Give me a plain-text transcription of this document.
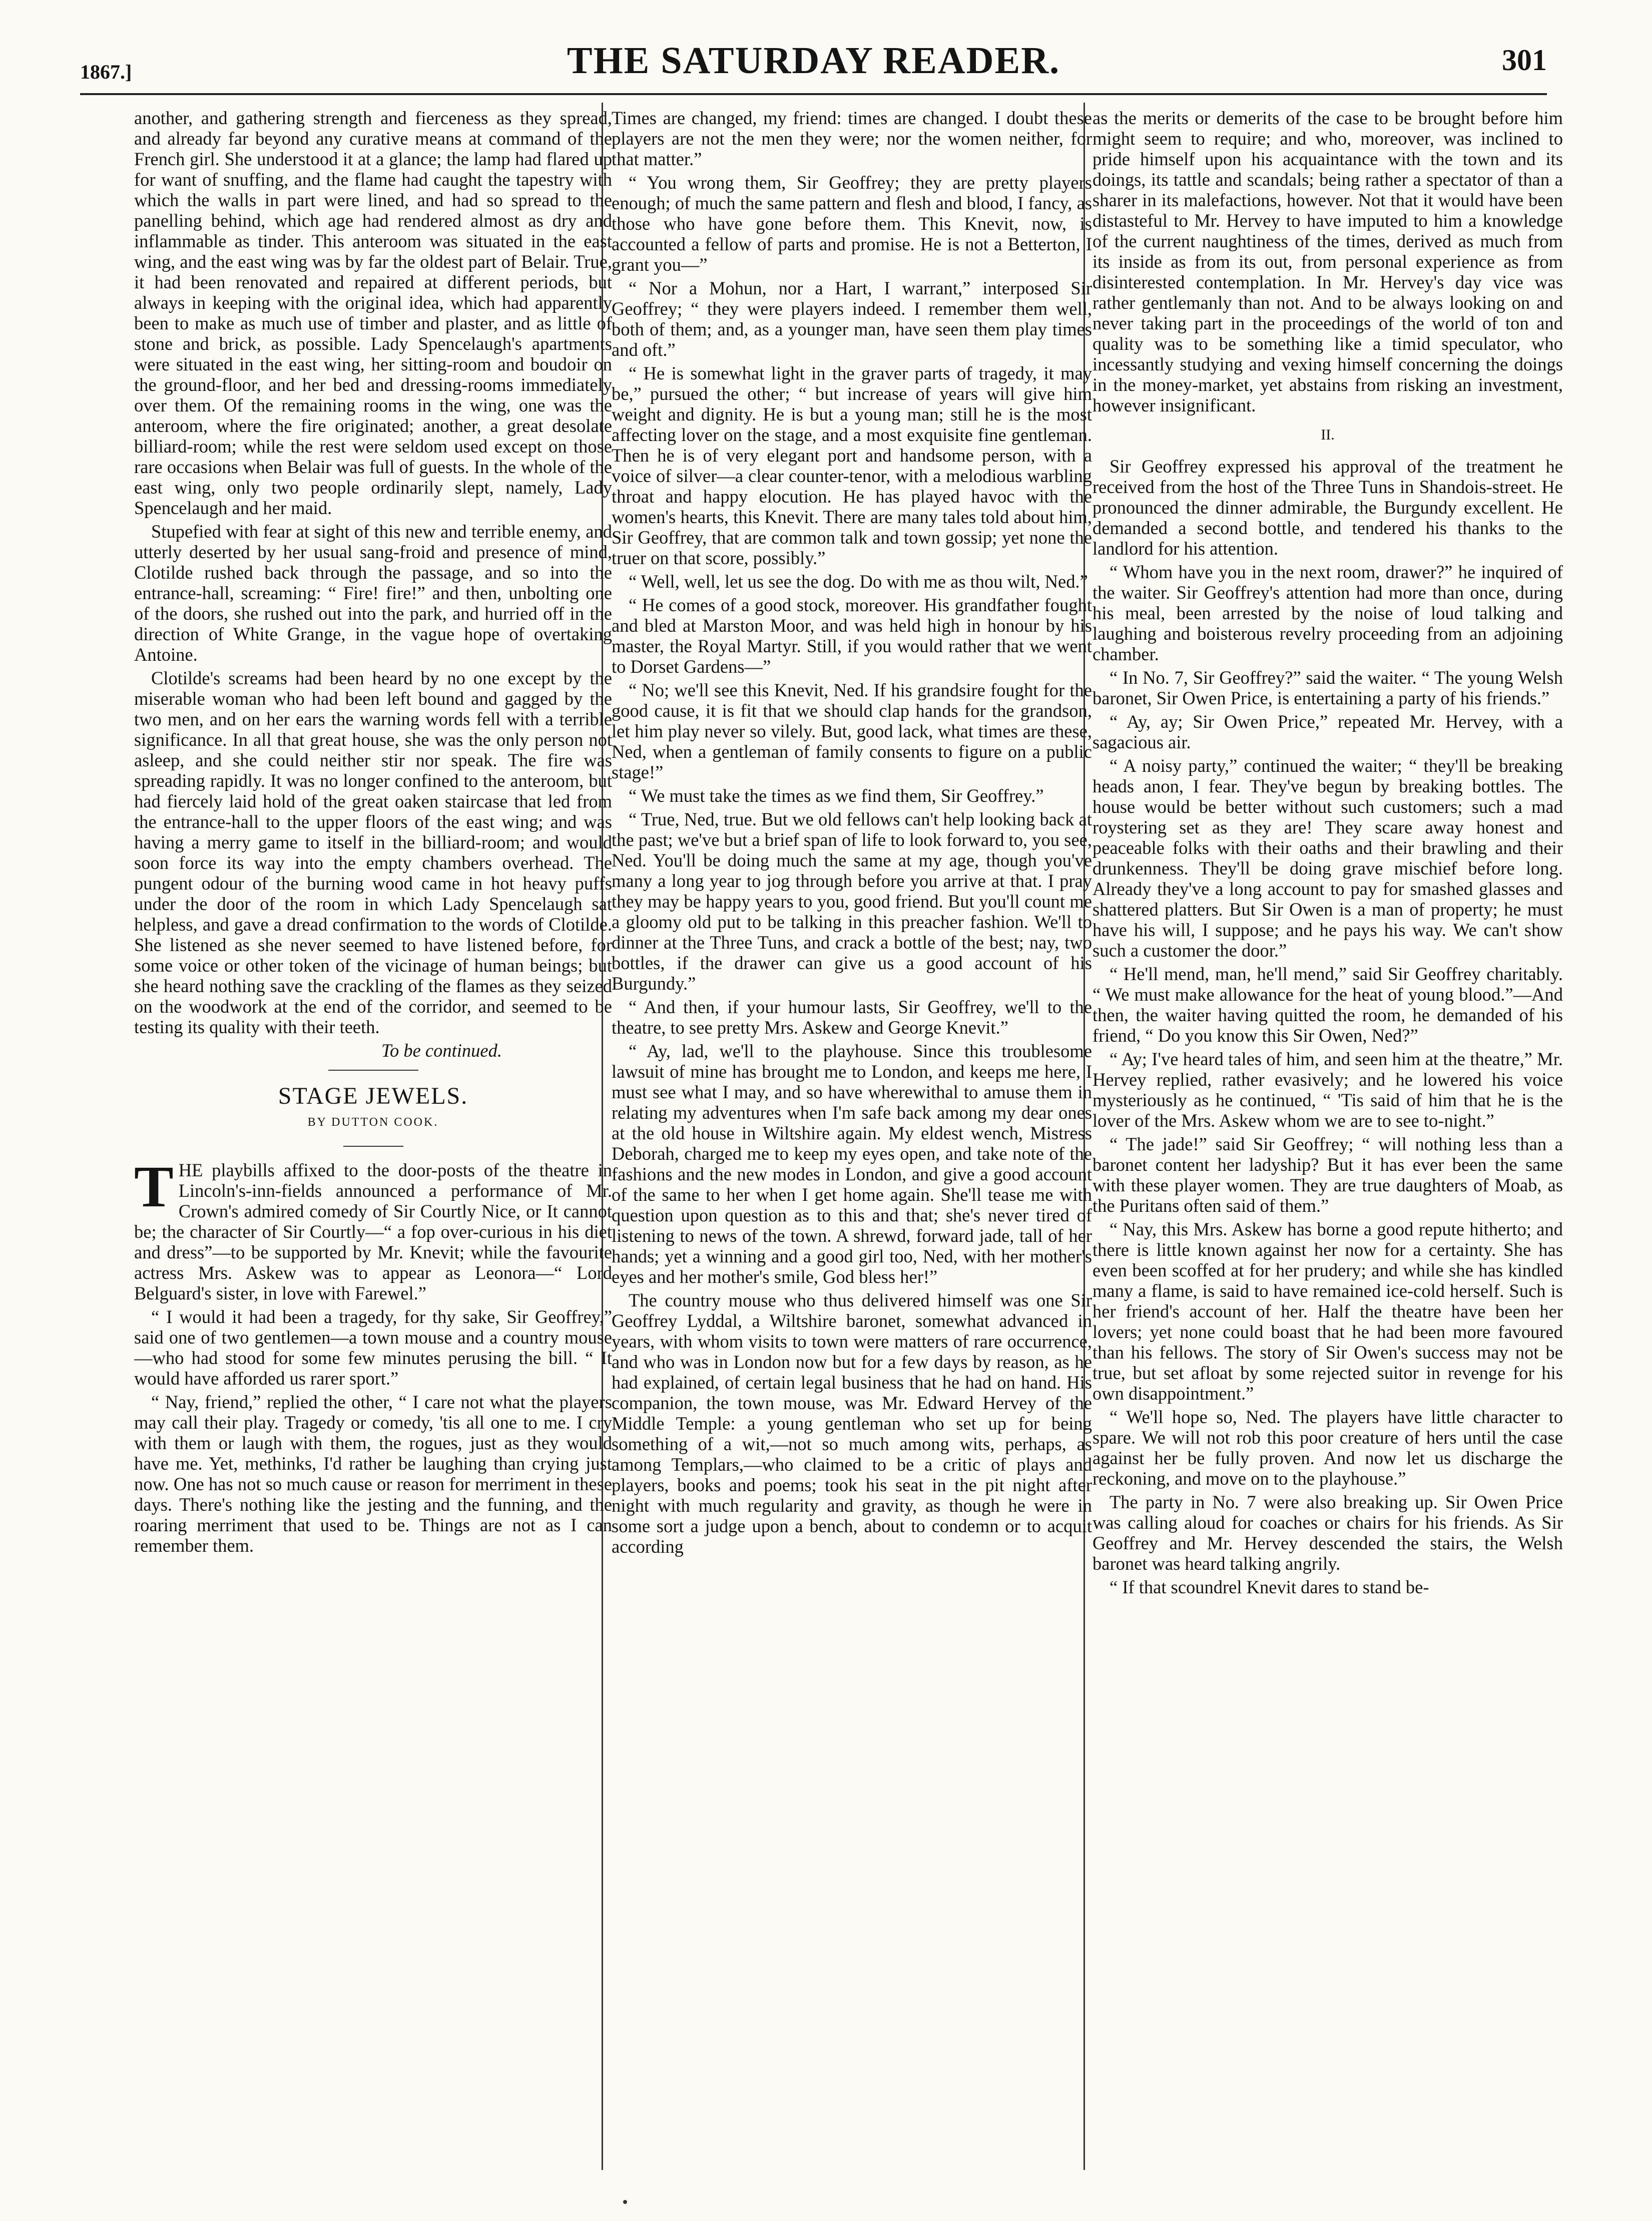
1867.]	THE SATURDAY READER.	301

another, and gathering strength and fierceness as they spread, and already far beyond any curative means at command of the French girl. She understood it at a glance; the lamp had flared up for want of snuffing, and the flame had caught the tapestry with which the walls in part were lined, and had so spread to the panelling behind, which age had rendered almost as dry and inflammable as tinder. This anteroom was situated in the east wing, and the east wing was by far the oldest part of Belair. True, it had been renovated and repaired at different periods, but always in keeping with the original idea, which had apparently been to make as much use of timber and plaster, and as little of stone and brick, as possible. Lady Spencelaugh's apartments were situated in the east wing, her sitting-room and boudoir on the ground-floor, and her bed and dressing-rooms immediately over them. Of the remaining rooms in the wing, one was the anteroom, where the fire originated; another, a great desolate billiard-room; while the rest were seldom used except on those rare occasions when Belair was full of guests. In the whole of the east wing, only two people ordinarily slept, namely, Lady Spencelaugh and her maid.

Stupefied with fear at sight of this new and terrible enemy, and utterly deserted by her usual sang-froid and presence of mind, Clotilde rushed back through the passage, and so into the entrance-hall, screaming: “ Fire! fire!” and then, unbolting one of the doors, she rushed out into the park, and hurried off in the direction of White Grange, in the vague hope of overtaking Antoine.

Clotilde's screams had been heard by no one except by the miserable woman who had been left bound and gagged by the two men, and on her ears the warning words fell with a terrible significance. In all that great house, she was the only person not asleep, and she could neither stir nor speak. The fire was spreading rapidly. It was no longer confined to the anteroom, but had fiercely laid hold of the great oaken staircase that led from the entrance-hall to the upper floors of the east wing; and was having a merry game to itself in the billiard-room; and would soon force its way into the empty chambers overhead. The pungent odour of the burning wood came in hot heavy puffs under the door of the room in which Lady Spencelaugh sat helpless, and gave a dread confirmation to the words of Clotilde. She listened as she never seemed to have listened before, for some voice or other token of the vicinage of human beings; but she heard nothing save the crackling of the flames as they seized on the woodwork at the end of the corridor, and seemed to be testing its quality with their teeth.

To be continued.
STAGE JEWELS.
BY DUTTON COOK.

THE playbills affixed to the door-posts of the theatre in Lincoln's-inn-fields announced a performance of Mr. Crown's admired comedy of Sir Courtly Nice, or It cannot be; the character of Sir Courtly—“ a fop over-curious in his diet and dress”—to be supported by Mr. Knevit; while the favourite actress Mrs. Askew was to appear as Leonora—“ Lord Belguard's sister, in love with Farewel.”

“ I would it had been a tragedy, for thy sake, Sir Geoffrey,” said one of two gentlemen—a town mouse and a country mouse—who had stood for some few minutes perusing the bill. “ It would have afforded us rarer sport.”

“ Nay, friend,” replied the other, “ I care not what the players may call their play. Tragedy or comedy, 'tis all one to me. I cry with them or laugh with them, the rogues, just as they would have me. Yet, methinks, I'd rather be laughing than crying just now. One has not so much cause or reason for merriment in these days. There's nothing like the jesting and the funning, and the roaring merriment that used to be. Things are not as I can remember them.

Times are changed, my friend: times are changed. I doubt these players are not the men they were; nor the women neither, for that matter.”

“ You wrong them, Sir Geoffrey; they are pretty players enough; of much the same pattern and flesh and blood, I fancy, as those who have gone before them. This Knevit, now, is accounted a fellow of parts and promise. He is not a Betterton, I grant you—”

“ Nor a Mohun, nor a Hart, I warrant,” interposed Sir Geoffrey; “ they were players indeed. I remember them well, both of them; and, as a younger man, have seen them play times and oft.”

“ He is somewhat light in the graver parts of tragedy, it may be,” pursued the other; “ but increase of years will give him weight and dignity. He is but a young man; still he is the most affecting lover on the stage, and a most exquisite fine gentleman. Then he is of very elegant port and handsome person, with a voice of silver—a clear counter-tenor, with a melodious warbling throat and happy elocution. He has played havoc with the women's hearts, this Knevit. There are many tales told about him, Sir Geoffrey, that are common talk and town gossip; yet none the truer on that score, possibly.”

“ Well, well, let us see the dog. Do with me as thou wilt, Ned.”

“ He comes of a good stock, moreover. His grandfather fought and bled at Marston Moor, and was held high in honour by his master, the Royal Martyr. Still, if you would rather that we went to Dorset Gardens—”

“ No; we'll see this Knevit, Ned. If his grandsire fought for the good cause, it is fit that we should clap hands for the grandson, let him play never so vilely. But, good lack, what times are these, Ned, when a gentleman of family consents to figure on a public stage!”

“ We must take the times as we find them, Sir Geoffrey.”

“ True, Ned, true. But we old fellows can't help looking back at the past; we've but a brief span of life to look forward to, you see, Ned. You'll be doing much the same at my age, though you've many a long year to jog through before you arrive at that. I pray they may be happy years to you, good friend. But you'll count me a gloomy old put to be talking in this preacher fashion. We'll to dinner at the Three Tuns, and crack a bottle of the best; nay, two bottles, if the drawer can give us a good account of his Burgundy.”

“ And then, if your humour lasts, Sir Geoffrey, we'll to the theatre, to see pretty Mrs. Askew and George Knevit.”

“ Ay, lad, we'll to the playhouse. Since this troublesome lawsuit of mine has brought me to London, and keeps me here, I must see what I may, and so have wherewithal to amuse them in relating my adventures when I'm safe back among my dear ones at the old house in Wiltshire again. My eldest wench, Mistress Deborah, charged me to keep my eyes open, and take note of the fashions and the new modes in London, and give a good account of the same to her when I get home again. She'll tease me with question upon question as to this and that; she's never tired of listening to news of the town. A shrewd, forward jade, tall of her hands; yet a winning and a good girl too, Ned, with her mother's eyes and her mother's smile, God bless her!”

The country mouse who thus delivered himself was one Sir Geoffrey Lyddal, a Wiltshire baronet, somewhat advanced in years, with whom visits to town were matters of rare occurrence, and who was in London now but for a few days by reason, as he had explained, of certain legal business that he had on hand. His companion, the town mouse, was Mr. Edward Hervey of the Middle Temple: a young gentleman who set up for being something of a wit,—not so much among wits, perhaps, as among Templars,—who claimed to be a critic of plays and players, books and poems; took his seat in the pit night after night with much regularity and gravity, as though he were in some sort a judge upon a bench, about to condemn or to acquit according

as the merits or demerits of the case to be brought before him might seem to require; and who, moreover, was inclined to pride himself upon his acquaintance with the town and its doings, its tattle and scandals; being rather a spectator of than a sharer in its malefactions, however. Not that it would have been distasteful to Mr. Hervey to have imputed to him a knowledge of the current naughtiness of the times, derived as much from its inside as from its out, from personal experience as from disinterested contemplation. In Mr. Hervey's day vice was rather gentlemanly than not. And to be always looking on and never taking part in the proceedings of the world of ton and quality was to be something like a timid speculator, who incessantly studying and vexing himself concerning the doings in the money-market, yet abstains from risking an investment, however insignificant.

II.

Sir Geoffrey expressed his approval of the treatment he received from the host of the Three Tuns in Shandois-street. He pronounced the dinner admirable, the Burgundy excellent. He demanded a second bottle, and tendered his thanks to the landlord for his attention.

“ Whom have you in the next room, drawer?” he inquired of the waiter. Sir Geoffrey's attention had more than once, during his meal, been arrested by the noise of loud talking and laughing and boisterous revelry proceeding from an adjoining chamber.

“ In No. 7, Sir Geoffrey?” said the waiter. “ The young Welsh baronet, Sir Owen Price, is entertaining a party of his friends.”

“ Ay, ay; Sir Owen Price,” repeated Mr. Hervey, with a sagacious air.

“ A noisy party,” continued the waiter; “ they'll be breaking heads anon, I fear. They've begun by breaking bottles. The house would be better without such customers; such a mad roystering set as they are! They scare away honest and peaceable folks with their oaths and their brawling and their drunkenness. They'll be doing grave mischief before long. Already they've a long account to pay for smashed glasses and shattered platters. But Sir Owen is a man of property; he must have his will, I suppose; and he pays his way. We can't show such a customer the door.”

“ He'll mend, man, he'll mend,” said Sir Geoffrey charitably. “ We must make allowance for the heat of young blood.”—And then, the waiter having quitted the room, he demanded of his friend, “ Do you know this Sir Owen, Ned?”

“ Ay; I've heard tales of him, and seen him at the theatre,” Mr. Hervey replied, rather evasively; and he lowered his voice mysteriously as he continued, “ 'Tis said of him that he is the lover of the Mrs. Askew whom we are to see to-night.”

“ The jade!” said Sir Geoffrey; “ will nothing less than a baronet content her ladyship? But it has ever been the same with these player women. They are true daughters of Moab, as the Puritans often said of them.”

“ Nay, this Mrs. Askew has borne a good repute hitherto; and there is little known against her now for a certainty. She has even been scoffed at for her prudery; and while she has kindled many a flame, is said to have remained ice-cold herself. Such is her friend's account of her. Half the theatre have been her lovers; yet none could boast that he had been more favoured than his fellows. The story of Sir Owen's success may not be true, but set afloat by some rejected suitor in revenge for his own disappointment.”

“ We'll hope so, Ned. The players have little character to spare. We will not rob this poor creature of hers until the case against her be fully proven. And now let us discharge the reckoning, and move on to the playhouse.”

The party in No. 7 were also breaking up. Sir Owen Price was calling aloud for coaches or chairs for his friends. As Sir Geoffrey and Mr. Hervey descended the stairs, the Welsh baronet was heard talking angrily.

“ If that scoundrel Knevit dares to stand be-
